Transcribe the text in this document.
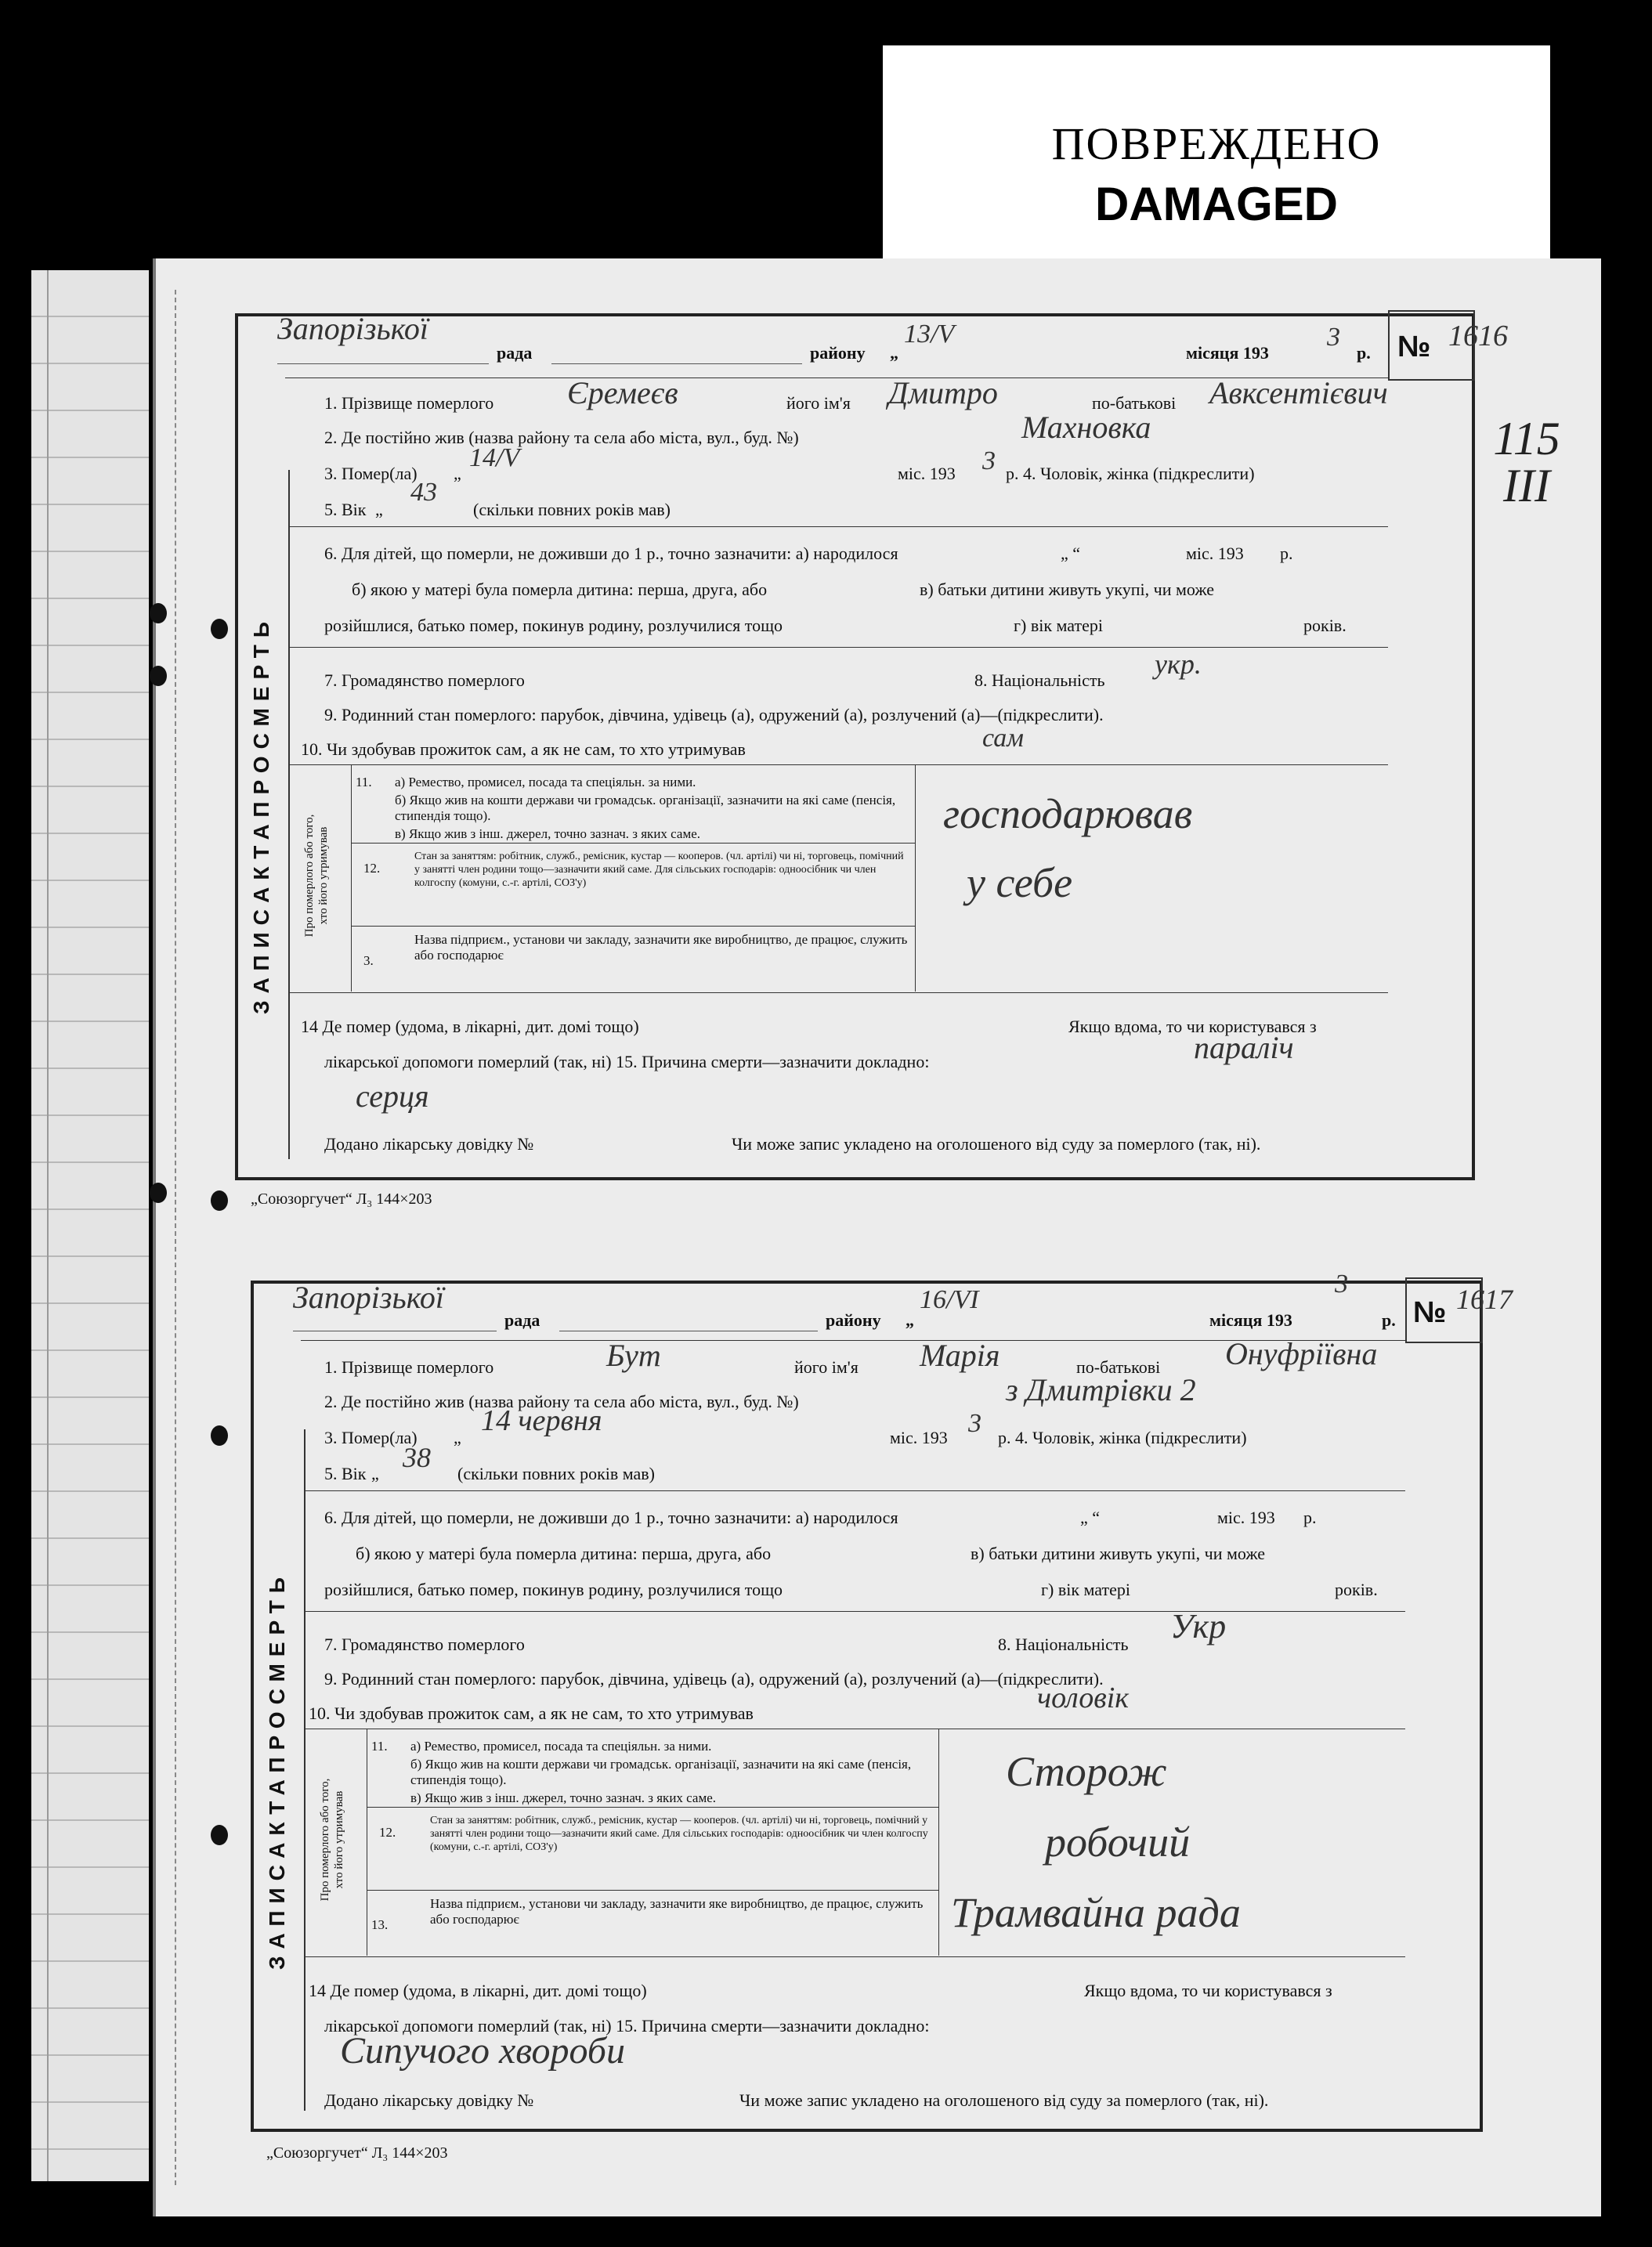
ПОВРЕЖДЕНО
DAMAGED
115
III
ЗАПИСАКТАПРОСМЕРТЬ
Запорізької
рада	району „
13/V
місяця 193
3
р. № 1616
1. Прізвище померлого Єремеєв	його ім'я Дмитро	по-батькові Авксентієвич
2. Де постійно жив (назва району та села або міста, вул., буд. №)	Махновка
3. Помер(ла) „
14/V
міс. 193 3 р. 4. Чоловік, жінка (підкреслити)
5. Вік „
43
(скільки повних років мав)
6. Для дітей, що померли, не доживши до 1 р., точно зазначити: а) народилося	„ “	міс. 193 р.
б) якою у матері була померла дитина: перша, друга, або	в) батьки дитини живуть укупі, чи може
розійшлися, батько помер, покинув родину, розлучилися тощо	г) вік матері	років.
7. Громадянство померлого	8. Національність
укр.
9. Родинний стан померлого: парубок, дівчина, удівець (а), одружений (а), розлучений (а)—(підкреслити).
10. Чи здобував прожиток сам, а як не сам, то хто утримував	сам
Про померлого або того,
хто його утримував
11. а) Ремество, промисел, посада та спеціяльн. за ними.
б) Якщо жив на кошти держави чи громадськ. організації, зазначити на які саме (пенсія, стипендія тощо).
в) Якщо жив з інш. джерел, точно зазнач. з яких саме.
12.
Стан за заняттям: робітник, служб., ремісник, кустар — кооперов. (чл. артілі) чи ні, торговець, помічний у занятті член родини тощо—зазначити який саме. Для сільських господарів: одноосібник чи член колгоспу (комуни, с.-г. артілі, СОЗ'у)
3.
Назва підприєм., установи чи закладу, зазначити яке виробництво, де працює, служить або господарює
господарював
у себе
14 Де помер (удома, в лікарні, дит. домі тощо)	Якщо вдома, то чи користувався з
лікарської допомоги померлий (так, ні) 15. Причина смерти—зазначити докладно:	параліч
серця
Додано лікарську довідку №	Чи може запис укладено на оголошеного від суду за померлого (так, ні).
„Союзоргучет“ Л₃ 144×203
ЗАПИСАКТАПРОСМЕРТЬ
Запорізької
рада	району „
16/VI
місяця 193
3
р. № 1617
1. Прізвище померлого	Бут	його ім'я Марія	по-батькові Онуфріївна
2. Де постійно жив (назва району та села або міста, вул., буд. №)	з Дмитрівки 2
3. Помер(ла) „
14 червня
міс. 193 3 р. 4. Чоловік, жінка (підкреслити)
5. Вік „
38
(скільки повних років мав)
6. Для дітей, що померли, не доживши до 1 р., точно зазначити: а) народилося	„ “	міс. 193 р.
б) якою у матері була померла дитина: перша, друга, або	в) батьки дитини живуть укупі, чи може
розійшлися, батько помер, покинув родину, розлучилися тощо	г) вік матері	років.
7. Громадянство померлого	8. Національність Укр
9. Родинний стан померлого: парубок, дівчина, удівець (а), одружений (а), розлучений (а)—(підкреслити).
10. Чи здобував прожиток сам, а як не сам, то хто утримував	чоловік
Про померлого або того,
хто його утримував
11. а) Ремество, промисел, посада та спеціяльн. за ними.
б) Якщо жив на кошти держави чи громадськ. організації, зазначити на які саме (пенсія, стипендія тощо).
в) Якщо жив з інш. джерел, точно зазнач. з яких саме.
12.
Стан за заняттям: робітник, служб., ремісник, кустар — кооперов. (чл. артілі) чи ні, торговець, помічний у занятті член родини тощо—зазначити який саме. Для сільських господарів: одноосібник чи член колгоспу (комуни, с.-г. артілі, СОЗ'у)
13.
Назва підприєм., установи чи закладу, зазначити яке виробництво, де працює, служить або господарює
Сторож
робочий
Трамвайна рада
14 Де помер (удома, в лікарні, дит. домі тощо)	Якщо вдома, то чи користувався з
лікарської допомоги померлий (так, ні) 15. Причина смерти—зазначити докладно:
Сипучого хвороби
Додано лікарську довідку №	Чи може запис укладено на оголошеного від суду за померлого (так, ні).
„Союзоргучет“ Л₃ 144×203
